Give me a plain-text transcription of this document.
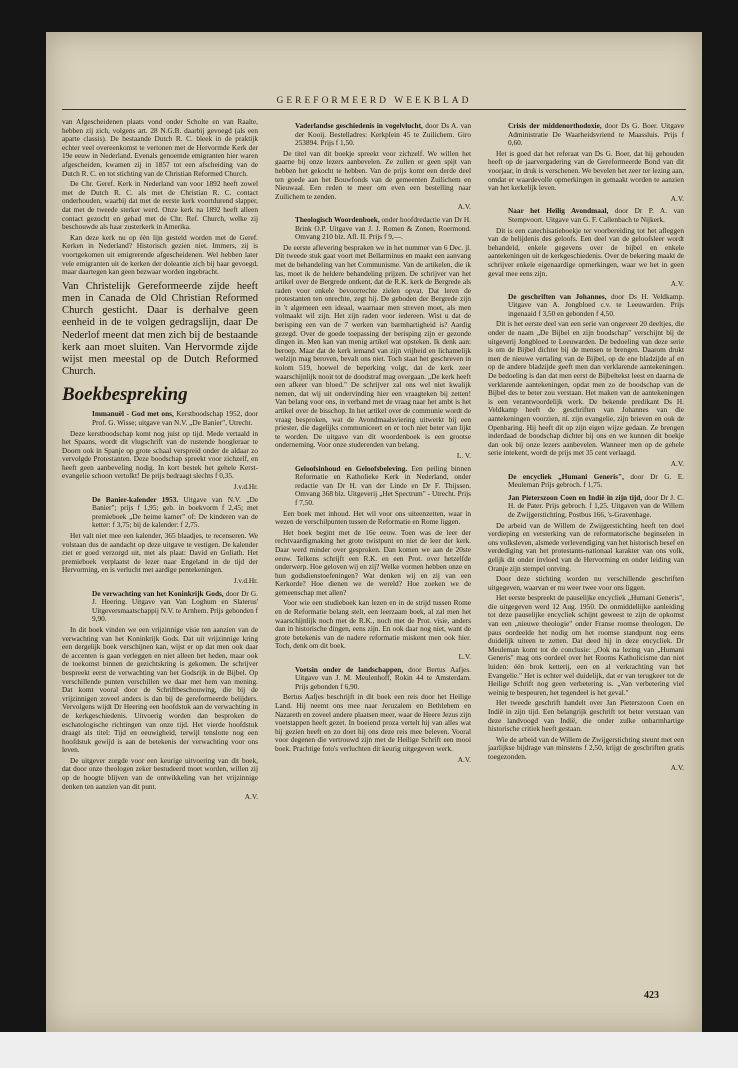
GEREFORMEERD WEEKBLAD

van Afgescheidenen plaats vond onder Scholte en van Raalte, hebben zij zich, volgens art. 28 N.G.B. daarbij gevoegd (als een aparte classis). De bestaande Dutch R. C. bleek in de praktijk echter veel overeenkomst te vertonen met de Hervormde Kerk der 19e eeuw in Nederland. Evenals genoemde emigranten hier waren afgescheiden, kwamen zij in 1857 tot een afscheiding van de Dutch R. C. en tot stichting van de Christian Reformed Church.

De Chr. Geref. Kerk in Nederland van voor 1892 heeft zowel met de Dutch R. C. als met de Christian R. C. contact onderhouden, waarbij dat met de eerste kerk voortdurend slapper, dat met de tweede sterker werd. Onze kerk na 1892 heeft alleen contact gezocht en gehad met de Chr. Ref. Church, welke zij beschouwde als haar zusterkerk in Amerika.

Kan deze kerk nu op één lijn gesteld worden met de Geref. Kerken in Nederland? Historisch gezien niet. Immers, zij is voortgekomen uit emigrerende afgescheidenen. Wel hebben later vele emigranten uit de kerken der doleantie zich bij haar gevoegd, maar daartegen kan geen bezwaar worden ingebracht.

Van Christelijk Gereformeerde zijde heeft men in Canada de Old Christian Reformed Church gesticht. Daar is derhalve geen eenheid in de te volgen gedragslijn, daar De Nederlof meent dat men zich bij de bestaande kerk aan moet sluiten. Van Hervormde zijde wijst men meestal op de Dutch Reformed Church.
Boekbespreking
Immanuël - God met ons, Kerstboodschap 1952, door Prof. G. Wisse; uitgave van N.V. „De Banier", Utrecht.

Deze kerstboodschap komt nog juist op tijd. Mede vertaald in het Spaans, wordt dit vlugschrift van de rustende hoogleraar te Doorn ook in Spanje op grote schaal verspreid onder de aldaar zo vervolgde Protestanten. Deze boodschap spreekt voor zichzelf, en heeft geen aanbeveling nodig. In kort bestek het gehele Kerst-evangelie schoon vertolkt! De prijs bedraagt slechts f 0,35.

J.v.d.Hr.
De Banier-kalender 1953. Uitgave van N.V. „De Banier"; prijs f 1,95; geb. in boekvorm f 2,45; met premieboek „De heime kamer" of: De kinderen van de ketter: f 3,75; bij de kalender: f 2,75.

Het valt niet mee een kalender, 365 blaadjes, te recenseren. We volstaan dus de aandacht op deze uitgave te vestigen. De kalender ziet er goed verzorgd uit, met als plaat: David en Goliath. Het premieboek verplaatst de lezer naar Engeland in de tijd der Hervorming, en is verlucht met aardige pentekeningen.

J.v.d.Hr.
De verwachting van het Koninkrijk Gods, door Dr G. J. Heering. Uitgave van Van Loghum en Slaterus' Uitgeversmaatschappij N.V. te Arnhem. Prijs gebonden f 9,90.

In dit boek vinden we een vrijzinnige visie ten aanzien van de verwachting van het Koninkrijk Gods. Dat uit vrijzinnige kring een dergelijk boek verschijnen kan, wijst er op dat men ook daar de accenten is gaan verleggen en niet alleen het heden, maar ook de toekomst binnen de gezichtskring is gekomen. De schrijver bespreekt eerst de verwachting van het Godsrijk in de Bijbel. Op verschillende punten verschillen we daar met hem van mening. Dat komt vooral door de Schriftbeschouwing, die bij de vrijzinnigen zoveel anders is dan bij de gereformeerde belijders. Vervolgens wijdt Dr Heering een hoofdstuk aan de verwachting in de kerkgeschiedenis. Uitvoerig worden dan besproken de eschatologische richtingen van onze tijd. Het vierde hoofdstuk draagt als titel: Tijd en eeuwigheid, terwijl tenslotte nog een hoofdstuk gewijd is aan de betekenis der verwachting voor ons leven.

De uitgever zorgde voor een keurige uitvoering van dit boek, dat door onze theologen zeker bestudeerd moet worden, willen zij op de hoogte blijven van de ontwikkeling van het vrijzinnige denken ten aanzien van dit punt.

A.V.
Vaderlandse geschiedenis in vogelvlucht, door Ds A. van der Kooij. Bestelladres: Kerkplein 45 te Zuilichem. Giro 253894. Prijs f 1,50.

De titel van dit boekje spreekt voor zichzelf. We willen het gaarne bij onze lezers aanbevelen. Ze zullen er geen spijt van hebben het gekocht te hebben. Van de prijs komt een derde deel ten goede aan het Bouwfonds van de gemeenten Zuilichem en Nieuwaal. Een reden te meer om even een bestelling naar Zuilichem te zenden.

A.V.
Theologisch Woordenboek, onder hoofdredactie van Dr H. Brink O.P. Uitgave van J. J. Romen & Zonen, Roermond. Omvang 210 blz. Afl. II. Prijs f 9,—.

De eerste aflevering bespraken we in het nummer van 6 Dec. jl. Dit tweede stuk gaat voort met Bellarminus en maakt een aanvang met de behandeling van het Communisme. Van de artikelen, die ik las, moet ik de heldere behandeling prijzen. De schrijver van het artikel over de Bergrede ontkent, dat de R.K. kerk de Bergrede als raden voor enkele bevoorrechte zielen opvat. Dat leren de protestanten ten onrechte, zegt hij. De geboden der Bergrede zijn in 't algemeen een ideaal, waarnaar men streven moet, als men volmaakt wil zijn. Het zijn raden voor iedereen. Wist u dat de berisping een van de 7 werken van barmhartigheid is? Aardig gezegd. Over de goede toepassing der berisping zijn er gezonde dingen in. Men kan van menig artikel wat opsteken. Ik denk aan: beroep. Maar dat de kerk iemand van zijn vrijheid en lichamelijk welzijn mag beroven, bevalt ons niet. Toch staat het geschreven in kolom 519, hoewel de beperking volgt, dat de kerk zeer waarschijnlijk nooit tot de doodstraf mag overgaan. „De kerk heeft een afkeer van bloed." De schrijver zal ons wel niet kwalijk nemen, dat wij uit ondervinding hier een vraagteken bij zetten! Van belang voor ons, in verband met de vraag naar het ambt is het artikel over de bisschop. In het artikel over de communie wordt de vraag besproken, wat de Avondmaalsviering uitwerkt bij een priester, die dagelijks communiceert en er toch niet beter van lijkt te worden. De uitgave van dit woordenboek is een grootse onderneming. Voor onze studerenden van belang.

L. V.
Geloofsinhoud en Geloofsbeleving. Een peiling binnen Reformatie en Katholieke Kerk in Nederland, onder redactie van Dr H. van der Linde en Dr F. Thijssen. Omvang 368 blz. Uitgeverij „Het Spectrum" - Utrecht. Prijs f 7,50.

Een boek met inhoud. Het wil voor ons uiteenzetten, waar in wezen de verschilpunten tussen de Reformatie en Rome liggen.

Het boek begint met de 16e eeuw. Toen was de leer der rechtvaardigmaking het grote twistpunt en niet de leer der kerk. Daar werd minder over gesproken. Dan komen we aan de 20ste eeuw. Telkens schrijft een R.K. en een Prot. over hetzelfde onderwerp. Hoe geloven wij en zij? Welke vormen hebben onze en hun godsdienstoefeningen? Wat denken wij en zij van een Kerkorde? Hoe dienen we de wereld? Hoe zoeken we de gemeenschap met allen?

Voor wie een studieboek kan lezen en in de strijd tussen Rome en de Reformatie belang stelt, een leerzaam boek, al zal men het waarschijnlijk noch met de R.K., noch met de Prot. visie, anders dan in historische dingen, eens zijn. En ook daar nog niet, want de grote betekenis van de nadere reformatie miskent men ook hier. Toch, denk om dit boek.

L.V.
Voetsin onder de landschappen, door Bertus Aafjes. Uitgave van J. M. Meulenhoff, Rokin 44 te Amsterdam. Prijs gebonden f 6,90.

Bertus Aafjes beschrijft in dit boek een reis door het Heilige Land. Hij neemt ons mee naar Jeruzalem en Bethlehem en Nazareth en zoveel andere plaatsen meer, waar de Heere Jezus zijn voetstappen heeft gezet. In boeiend proza vertelt hij van alles wat hij gezien heeft en zo doet hij ons deze reis mee beleven. Vooral voor degenen die vertrouwd zijn met de Heilige Schrift een mooi boek. Prachtige foto's verluchten dit keurig uitgegeven werk.

A.V.
Crisis der middenorthodoxie, door Ds G. Boer. Uitgave Administratie De Waarheidsvriend te Maassluis. Prijs f 0,60.

Het is goed dat het referaat van Ds G. Boer, dat hij gehouden heeft op de jaarvergadering van de Gereformeerde Bond van dit voorjaar, in druk is verschenen. We bevelen het zeer ter lezing aan, omdat er waardevolle opmerkingen in gemaakt worden te aanzien van het kerkelijk leven.

A.V.
Naar het Heilig Avondmaal, door Dr P. A. van Stempvoort. Uitgave van G. F. Callenbach te Nijkerk.

Dit is een catechisatieboekje ter voorbereiding tot het afleggen van de belijdenis des geloofs. Een deel van de geloofsleer wordt behandeld, enkele gegevens over de bijbel en enkele aantekeningen uit de kerkgeschiedenis. Over de bekering maakt de schrijver enkele eigenaardige opmerkingen, waar we het in geen geval mee eens zijn.

A.V.
De geschriften van Johannes, door Ds H. Veldkamp. Uitgave van A. Jongbloed c.v. te Leeuwarden. Prijs ingenaaid f 3,50 en gebonden f 4,50.

Dit is het eerste deel van een serie van ongeveer 20 deeltjes, die onder de naam „De Bijbel en zijn boodschap" verschijnt bij de uitgeverij Jongbloed te Leeuwarden. De bedoeling van deze serie is om de Bijbel dichter bij de mensen te brengen. Daarom drukt men de nieuwe vertaling van de Bijbel, op de ene bladzijde af en op de andere bladzijde geeft men dan verklarende aantekeningen. De bedoeling is dan dat men eerst de Bijbeltekst leest en daarna de verklarende aantekeningen, opdat men zo de boodschap van de Bijbel des te beter zou verstaan. Het maken van de aantekeningen is een verantwoordelijk werk. De bekende predikant Ds H. Veldkamp heeft de geschriften van Johannes van die aantekeningen voorzien, nl. zijn evangelie, zijn brieven en ook de Openbaring. Hij heeft dit op zijn eigen wijze gedaan. Ze brengen inderdaad de boodschap dichter bij ons en we kunnen dit boekje dan ook bij onze lezers aanbevelen. Wanneer men op de gehele serie intekent, wordt de prijs met 35 cent verlaagd.

A.V.
De encycliek „Humani Generis", door Dr G. E. Meuleman Prijs gebroch. f 1,75.
Jan Pieterszoon Coen en Indië in zijn tijd, door Dr J. C. H. de Pater. Prijs gebroch. f 1,25. Uitgaven van de Willem de Zwijgerstichting, Postbus 166, 's-Gravenhage.

De arbeid van de Willem de Zwijgerstichting heeft ten doel verdieping en versterking van de reformatorische beginselen in ons volksleven, alsmede verlevendiging van het historisch besef en verdediging van het protestants-nationaal karakter van ons volk, gelijk dit onder invloed van de Hervorming en onder leiding van Oranje zijn stempel ontving.

Door deze stichting worden nu verschillende geschriften uitgegeven, waarvan er nu weer twee voor ons liggen.

Het eerste bespreekt de pauselijke encycliek „Humani Generis", die uitgegeven werd 12 Aug. 1950. De onmiddellijke aanleiding tot deze pauselijke encycliek schijnt geweest te zijn de opkomst van een „nieuwe theologie" onder Franse roomse theologen. De paus oordeelde het nodig om het roomse standpunt nog eens duidelijk uiteen te zetten. Dat deed hij in deze encycliek. Dr Meuleman komt tot de conclusie: „Ook na lezing van „Humani Generis" mag ons oordeel over het Rooms Katholicisme dan niet luiden: één brok ketterij, een en al verkrachting van het Evangelie." Het is echter wel duidelijk, dat er van terugkeer tot de Heilige Schrift nog geen verbetering is. „Van verbetering viel weinig te bespeuren, het tegendeel is het geval."

Het tweede geschrift handelt over Jan Pieterszoon Coen en Indië in zijn tijd. Een belangrijk geschrift tot beter verstaan van deze landvoogd van Indië, die onder zulke onbarmhartige historische critiek heeft gestaan.

Wie de arbeid van de Willem de Zwijgerstichting steunt met een jaarlijkse bijdrage van minstens f 2,50, krijgt de geschriften gratis toegezonden.

A.V.
423
